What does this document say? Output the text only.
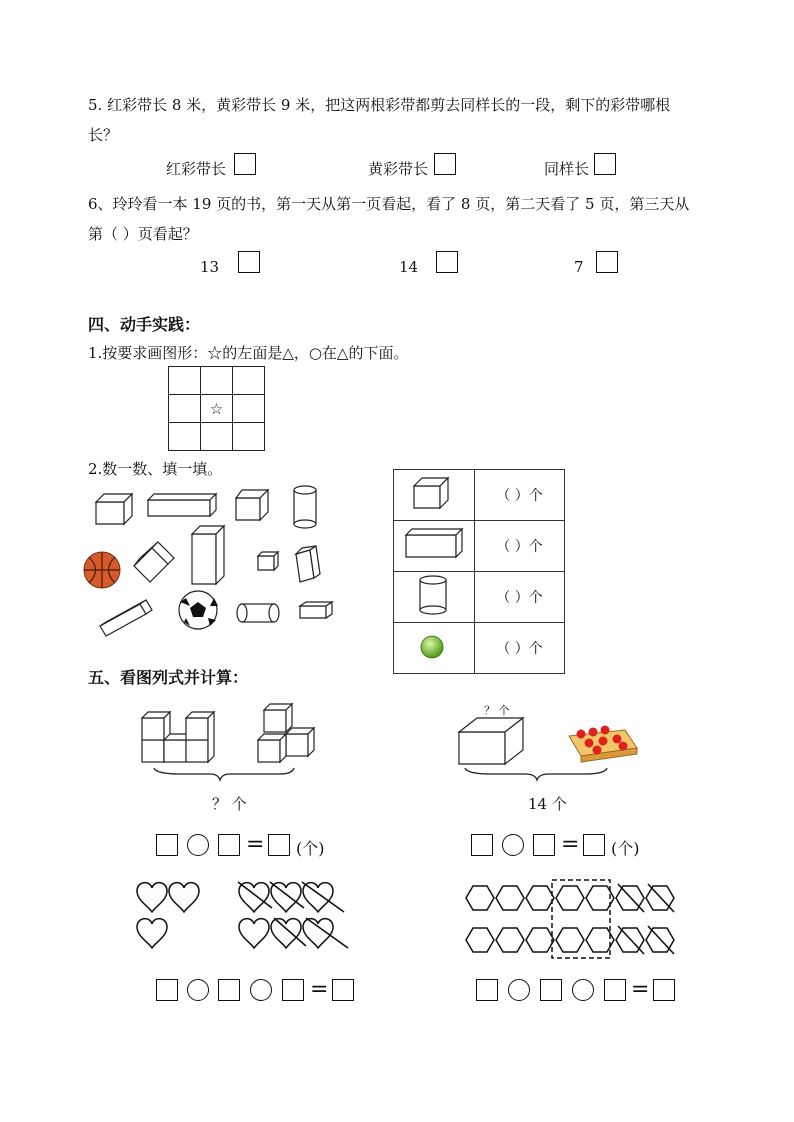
5. 红彩带长 8 米，黄彩带长 9 米，把这两根彩带都剪去同样长的一段，剩下的彩带哪根
长？
红彩带长	黄彩带长	同样长
6、玲玲看一本 19 页的书，第一天从第一页看起，看了 8 页，第二天看了 5 页，第三天从
第（ ）页看起？
13	14	7
四、动手实践：
1.按要求画图形：☆的左面是△，○在△的下面。

	☆	

2.数一数、填一填。
	（ ）个
	（ ）个
	（ ）个
	（ ）个
五、看图列式并计算：
？ 个
？ 个
14 个
= (个)	= (个)
=	=
